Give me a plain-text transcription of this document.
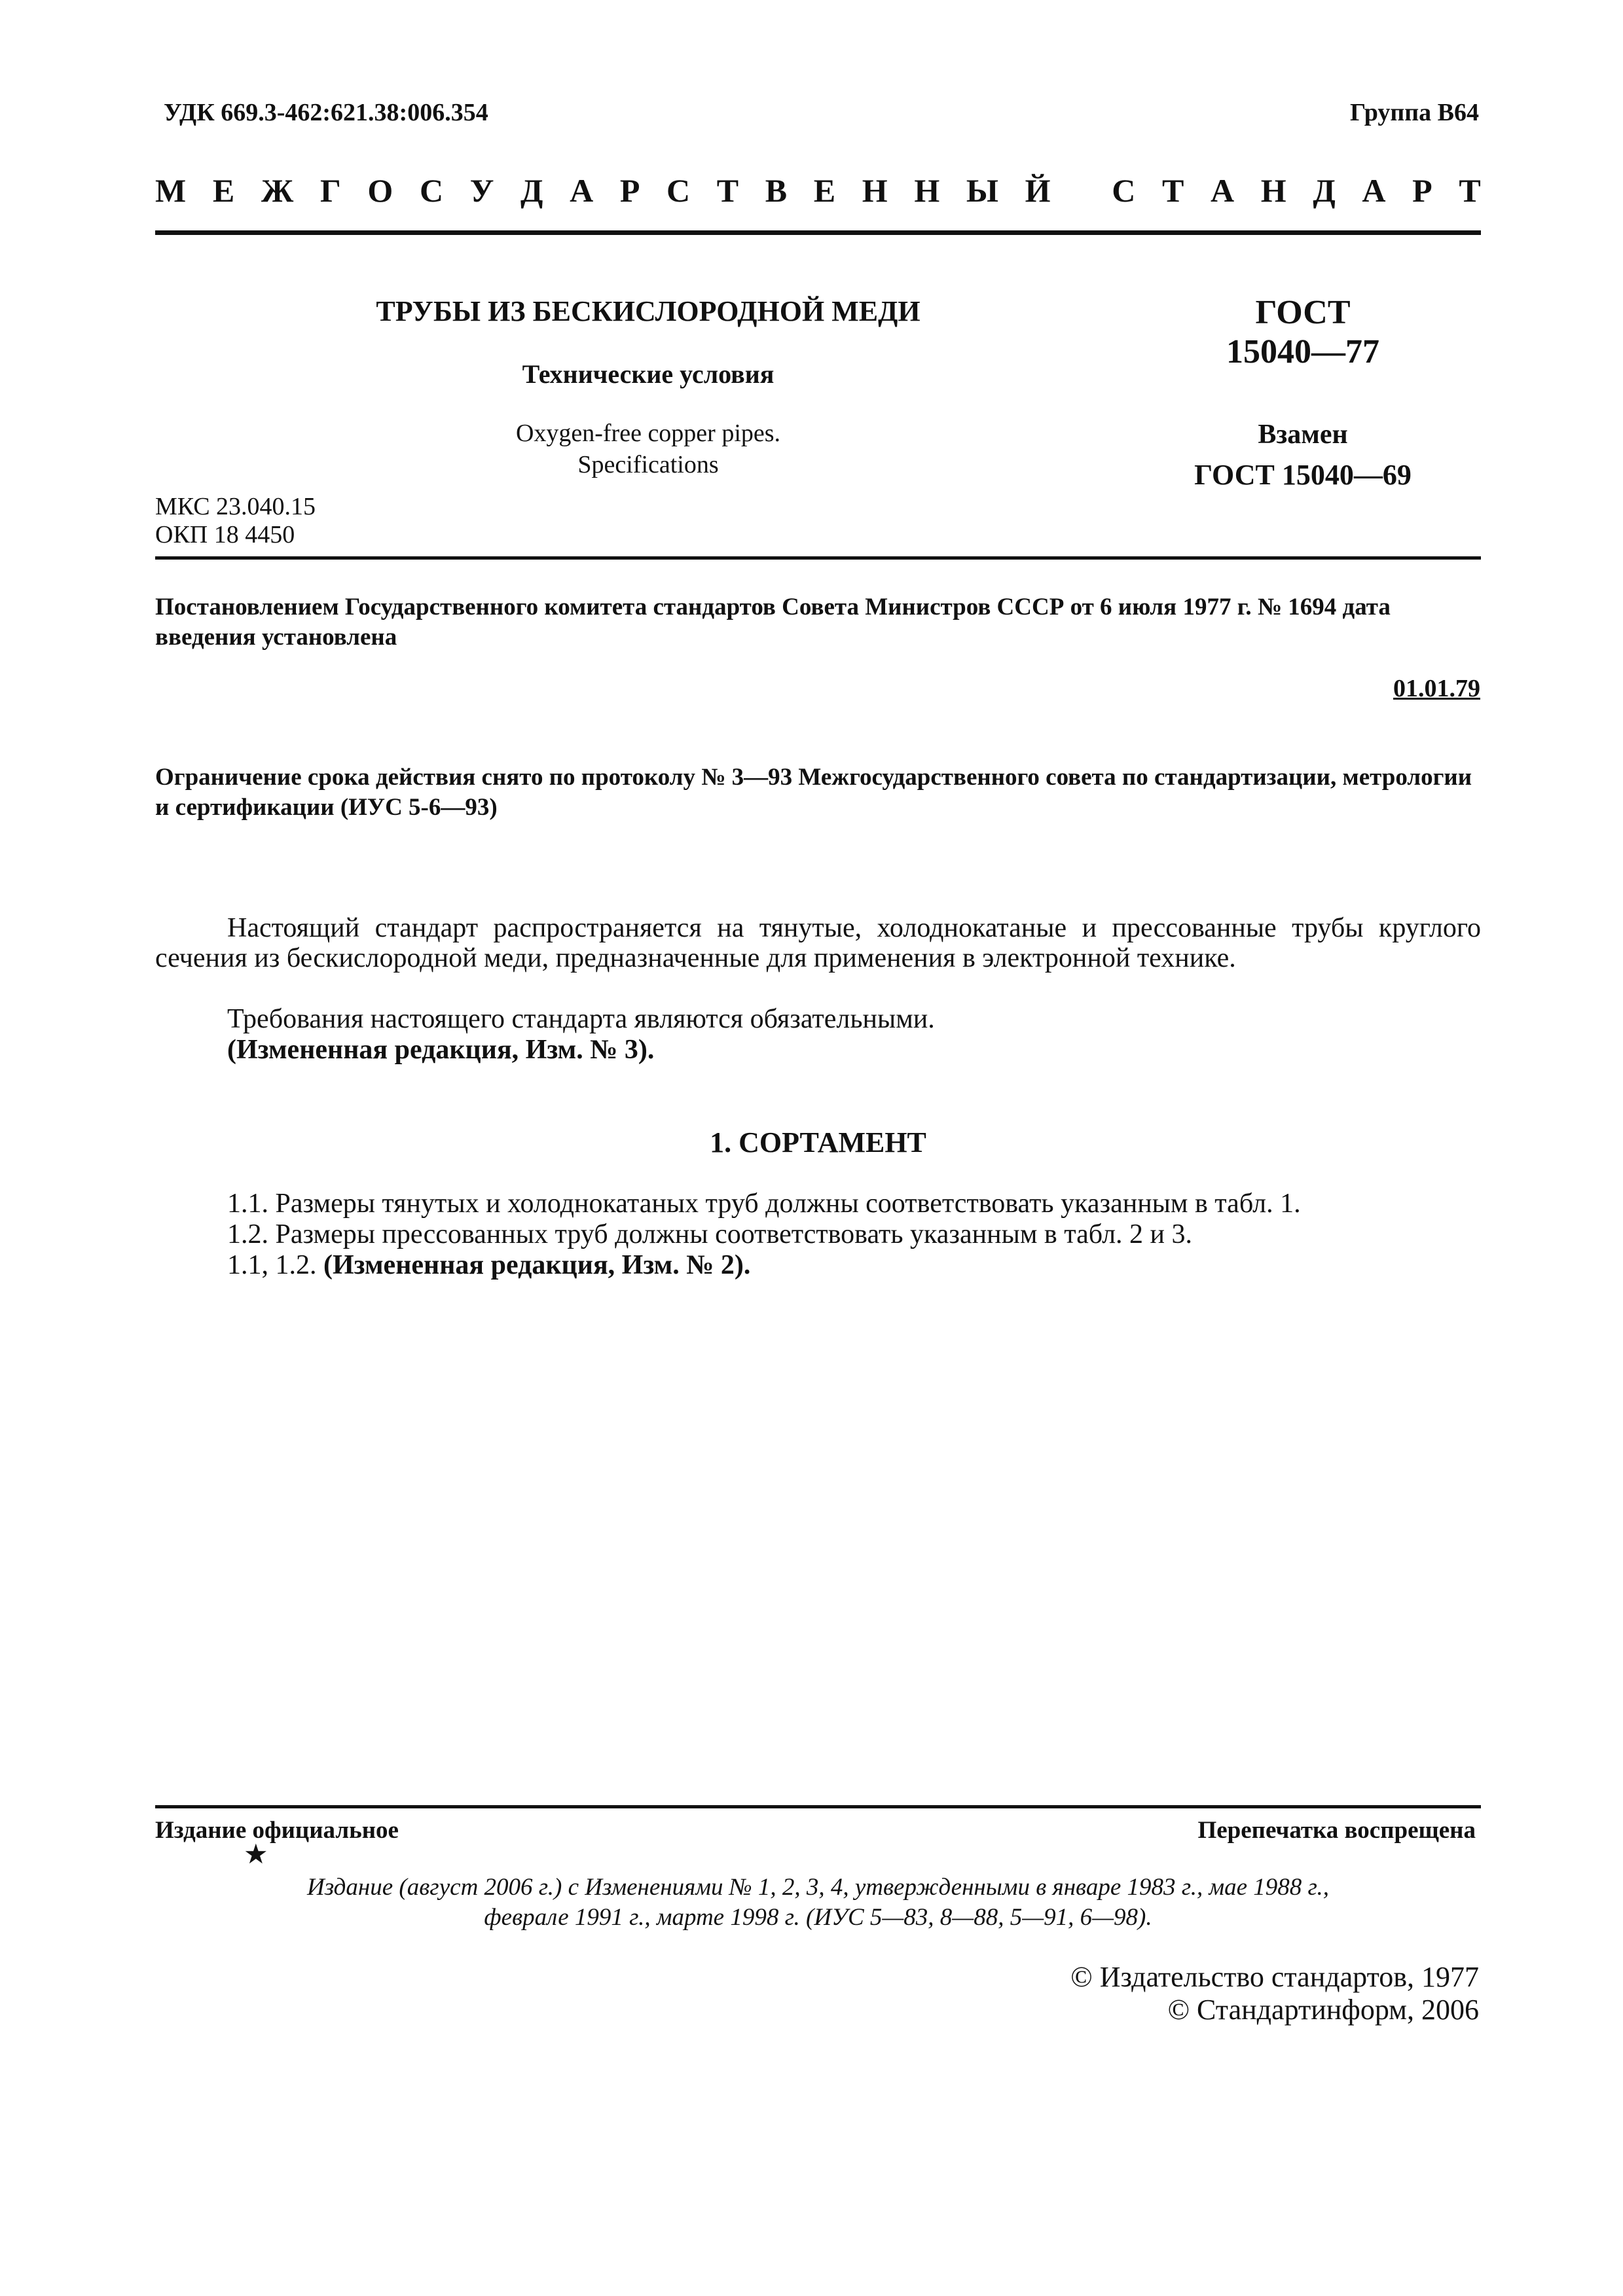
УДК 669.3-462:621.38:006.354	Группа В64
М Е Ж Г О С У Д А Р С Т В Е Н Н Ы Й
С Т А Н Д А Р Т
ТРУБЫ ИЗ БЕСКИСЛОРОДНОЙ МЕДИ
Технические условия
Oxygen-free copper pipes.
Specifications
ГОСТ
15040—77
Взамен
ГОСТ 15040—69
МКС 23.040.15
ОКП 18 4450
Постановлением Государственного комитета стандартов Совета Министров СССР от 6 июля 1977 г. № 1694 дата введения установлена
01.01.79
Ограничение срока действия снято по протоколу № 3—93 Межгосударственного совета по стандартизации, метрологии и сертификации (ИУС 5-6—93)
Настоящий стандарт распространяется на тянутые, холоднокатаные и прессованные трубы круглого сечения из бескислородной меди, предназначенные для применения в электронной технике.
Требования настоящего стандарта являются обязательными.
(Измененная редакция, Изм. № 3).
1. СОРТАМЕНТ
1.1. Размеры тянутых и холоднокатаных труб должны соответствовать указанным в табл. 1.
1.2. Размеры прессованных труб должны соответствовать указанным в табл. 2 и 3.
1.1, 1.2. (Измененная редакция, Изм. № 2).
Издание официальное
★
Перепечатка воспрещена
Издание (август 2006 г.) с Изменениями № 1, 2, 3, 4, утвержденными в январе 1983 г., мае 1988 г.,
феврале 1991 г., марте 1998 г. (ИУС 5—83, 8—88, 5—91, 6—98).
© Издательство стандартов, 1977
© Стандартинформ, 2006
